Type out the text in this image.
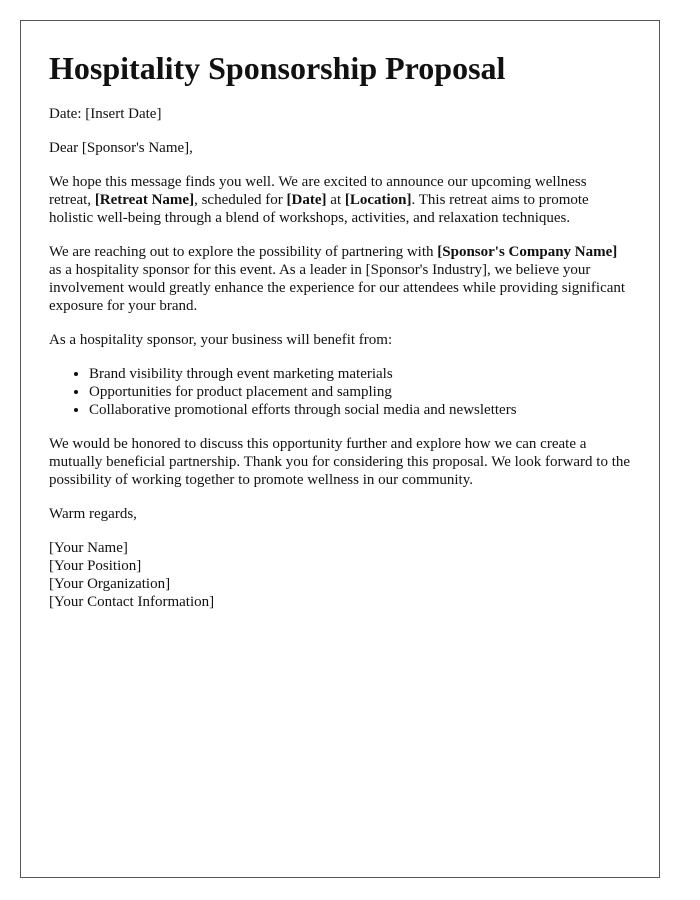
Hospitality Sponsorship Proposal

Date: [Insert Date]

Dear [Sponsor's Name],

We hope this message finds you well. We are excited to announce our upcoming wellness retreat, [Retreat Name], scheduled for [Date] at [Location]. This retreat aims to promote holistic well-being through a blend of workshops, activities, and relaxation techniques.

We are reaching out to explore the possibility of partnering with [Sponsor's Company Name] as a hospitality sponsor for this event. As a leader in [Sponsor's Industry], we believe your involvement would greatly enhance the experience for our attendees while providing significant exposure for your brand.

As a hospitality sponsor, your business will benefit from:

• Brand visibility through event marketing materials
• Opportunities for product placement and sampling
• Collaborative promotional efforts through social media and newsletters

We would be honored to discuss this opportunity further and explore how we can create a mutually beneficial partnership. Thank you for considering this proposal. We look forward to the possibility of working together to promote wellness in our community.

Warm regards,

[Your Name]
[Your Position]
[Your Organization]
[Your Contact Information]
